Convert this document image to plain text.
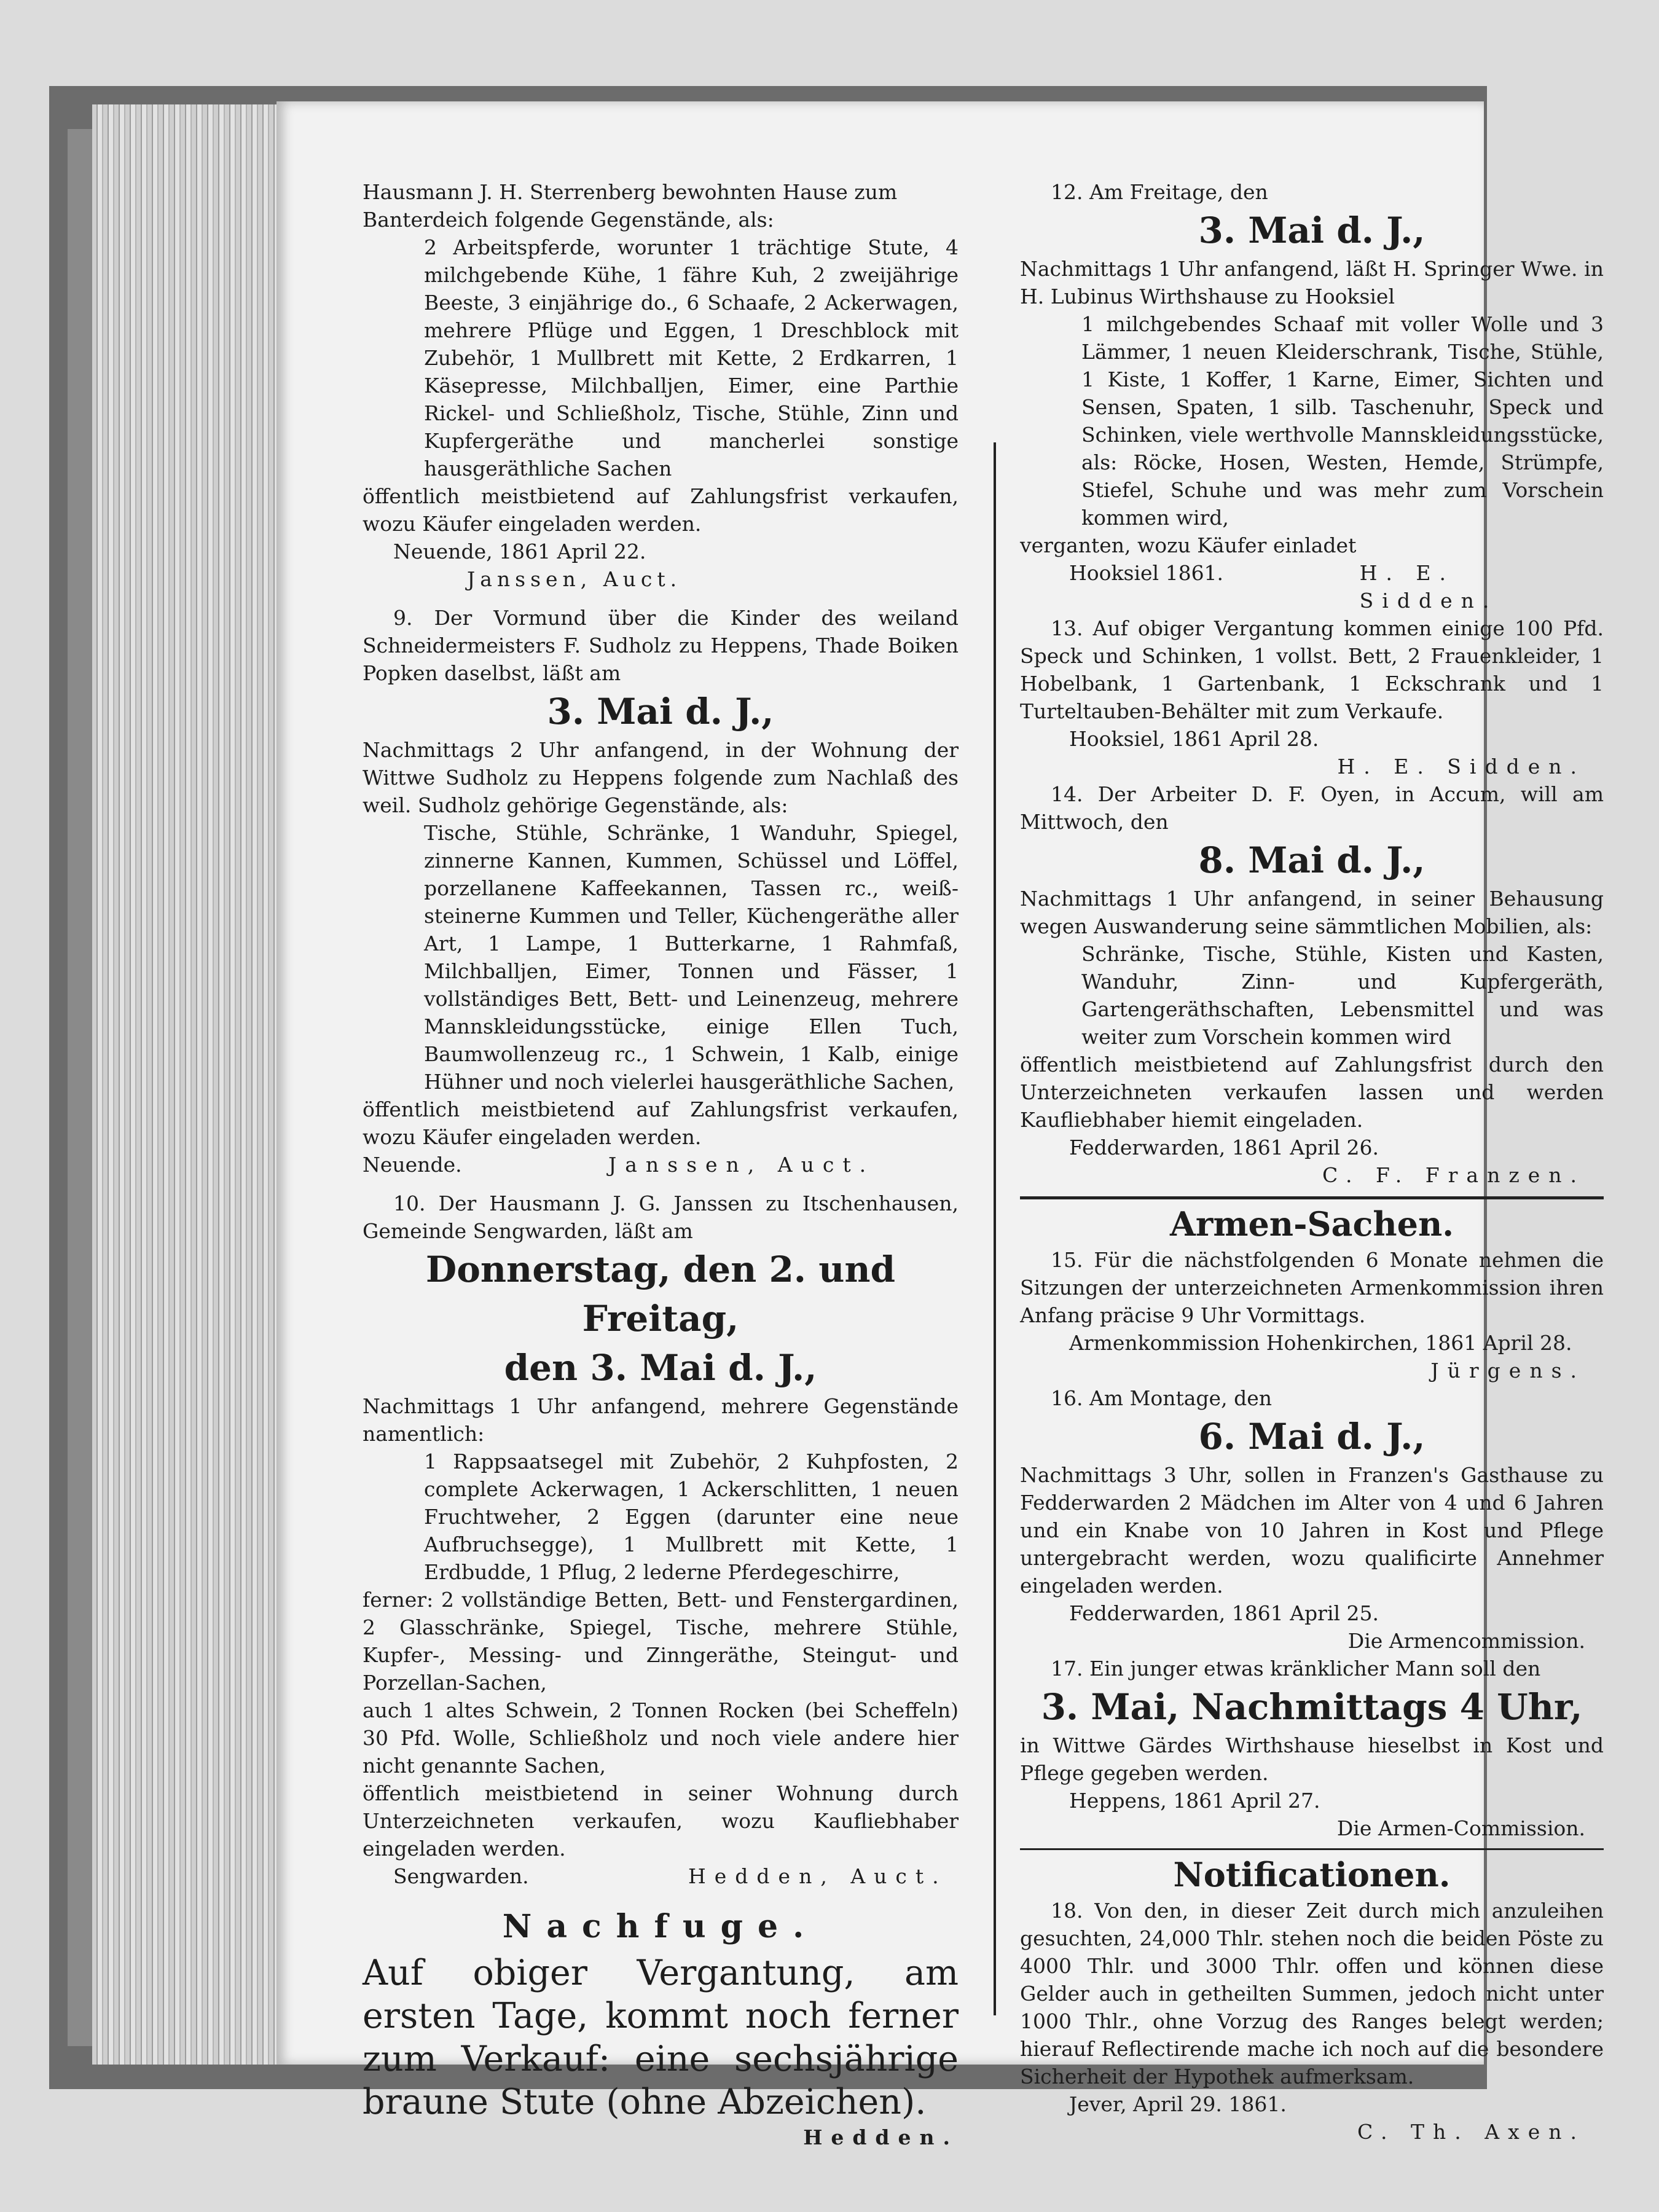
Hausmann J. H. Sterrenberg bewohnten Hause zum

Banterdeich folgende Gegenstände, als:

2 Arbeitspferde, worunter 1 trächtige Stute, 4 milchgebende Kühe, 1 fähre Kuh, 2 zweijährige Beeste, 3 einjährige do., 6 Schaafe, 2 Ackerwagen, mehrere Pflüge und Eggen, 1 Dreschblock mit Zubehör, 1 Mullbrett mit Kette, 2 Erdkarren, 1 Käsepresse, Milchballjen, Eimer, eine Parthie Rickel- und Schließholz, Tische, Stühle, Zinn und Kupfergeräthe und mancherlei sonstige hausgeräthliche Sachen

öffentlich meistbietend auf Zahlungsfrist verkaufen, wozu Käufer eingeladen werden.

Neuende, 1861 April 22.

Janssen, Auct.

9. Der Vormund über die Kinder des weiland Schneidermeisters F. Sudholz zu Heppens, Thade Boiken Popken daselbst, läßt am

3. Mai d. J.,

Nachmittags 2 Uhr anfangend, in der Wohnung der Wittwe Sudholz zu Heppens folgende zum Nachlaß des weil. Sudholz gehörige Gegenstände, als:

Tische, Stühle, Schränke, 1 Wanduhr, Spiegel, zinnerne Kannen, Kummen, Schüssel und Löffel, porzellanene Kaffeekannen, Tassen rc., weiß-steinerne Kummen und Teller, Küchengeräthe aller Art, 1 Lampe, 1 Butterkarne, 1 Rahmfaß, Milchballjen, Eimer, Tonnen und Fässer, 1 vollständiges Bett, Bett- und Leinenzeug, mehrere Mannskleidungsstücke, einige Ellen Tuch, Baumwollenzeug rc., 1 Schwein, 1 Kalb, einige Hühner und noch vielerlei hausgeräthliche Sachen,

öffentlich meistbietend auf Zahlungsfrist verkaufen, wozu Käufer eingeladen werden.

Neuende.	Janssen, Auct.

10. Der Hausmann J. G. Janssen zu Itschenhausen, Gemeinde Sengwarden, läßt am

Donnerstag, den 2. und Freitag,

den 3. Mai d. J.,

Nachmittags 1 Uhr anfangend, mehrere Gegenstände namentlich:

1 Rappsaatsegel mit Zubehör, 2 Kuhpfosten, 2 complete Ackerwagen, 1 Ackerschlitten, 1 neuen Fruchtweher, 2 Eggen (darunter eine neue Aufbruchsegge), 1 Mullbrett mit Kette, 1 Erdbudde, 1 Pflug, 2 lederne Pferdegeschirre,

ferner: 2 vollständige Betten, Bett- und Fenstergardinen, 2 Glasschränke, Spiegel, Tische, mehrere Stühle, Kupfer-, Messing- und Zinngeräthe, Steingut- und Porzellan-Sachen,

auch 1 altes Schwein, 2 Tonnen Rocken (bei Scheffeln) 30 Pfd. Wolle, Schließholz und noch viele andere hier nicht genannte Sachen,

öffentlich meistbietend in seiner Wohnung durch Unterzeichneten verkaufen, wozu Kaufliebhaber eingeladen werden.

Sengwarden.	Hedden, Auct.

Nachfuge.

Auf obiger Vergantung, am ersten Tage, kommt noch ferner zum Verkauf: eine sechsjährige braune Stute (ohne Abzeichen).

Hedden.

12. Am Freitage, den

3. Mai d. J.,

Nachmittags 1 Uhr anfangend, läßt H. Springer Wwe. in H. Lubinus Wirthshause zu Hooksiel

1 milchgebendes Schaaf mit voller Wolle und 3 Lämmer, 1 neuen Kleiderschrank, Tische, Stühle, 1 Kiste, 1 Koffer, 1 Karne, Eimer, Sichten und Sensen, Spaten, 1 silb. Taschenuhr, Speck und Schinken, viele werthvolle Mannskleidungsstücke, als: Röcke, Hosen, Westen, Hemde, Strümpfe, Stiefel, Schuhe und was mehr zum Vorschein kommen wird,

verganten, wozu Käufer einladet

Hooksiel 1861.	H. E. Sidden.

13. Auf obiger Vergantung kommen einige 100 Pfd. Speck und Schinken, 1 vollst. Bett, 2 Frauenkleider, 1 Hobelbank, 1 Gartenbank, 1 Eckschrank und 1 Turteltauben-Behälter mit zum Verkaufe.

Hooksiel, 1861 April 28.

H. E. Sidden.

14. Der Arbeiter D. F. Oyen, in Accum, will am Mittwoch, den

8. Mai d. J.,

Nachmittags 1 Uhr anfangend, in seiner Behausung wegen Auswanderung seine sämmtlichen Mobilien, als:

Schränke, Tische, Stühle, Kisten und Kasten, Wanduhr, Zinn- und Kupfergeräth, Gartengeräthschaften, Lebensmittel und was weiter zum Vorschein kommen wird

öffentlich meistbietend auf Zahlungsfrist durch den Unterzeichneten verkaufen lassen und werden Kaufliebhaber hiemit eingeladen.

Fedderwarden, 1861 April 26.

C. F. Franzen.

Armen-Sachen.

15. Für die nächstfolgenden 6 Monate nehmen die Sitzungen der unterzeichneten Armenkommission ihren Anfang präcise 9 Uhr Vormittags.

Armenkommission Hohenkirchen, 1861 April 28.

Jürgens.

16. Am Montage, den

6. Mai d. J.,

Nachmittags 3 Uhr, sollen in Franzen's Gasthause zu Fedderwarden 2 Mädchen im Alter von 4 und 6 Jahren und ein Knabe von 10 Jahren in Kost und Pflege untergebracht werden, wozu qualificirte Annehmer eingeladen werden.

Fedderwarden, 1861 April 25.

Die Armencommission.

17. Ein junger etwas kränklicher Mann soll den

3. Mai, Nachmittags 4 Uhr,

in Wittwe Gärdes Wirthshause hieselbst in Kost und Pflege gegeben werden.

Heppens, 1861 April 27.

Die Armen-Commission.

Notificationen.

18. Von den, in dieser Zeit durch mich anzuleihen gesuchten, 24,000 Thlr. stehen noch die beiden Pöste zu 4000 Thlr. und 3000 Thlr. offen und können diese Gelder auch in getheilten Summen, jedoch nicht unter 1000 Thlr., ohne Vorzug des Ranges belegt werden; hierauf Reflectirende mache ich noch auf die besondere Sicherheit der Hypothek aufmerksam.

Jever, April 29. 1861.

C. Th. Axen.
